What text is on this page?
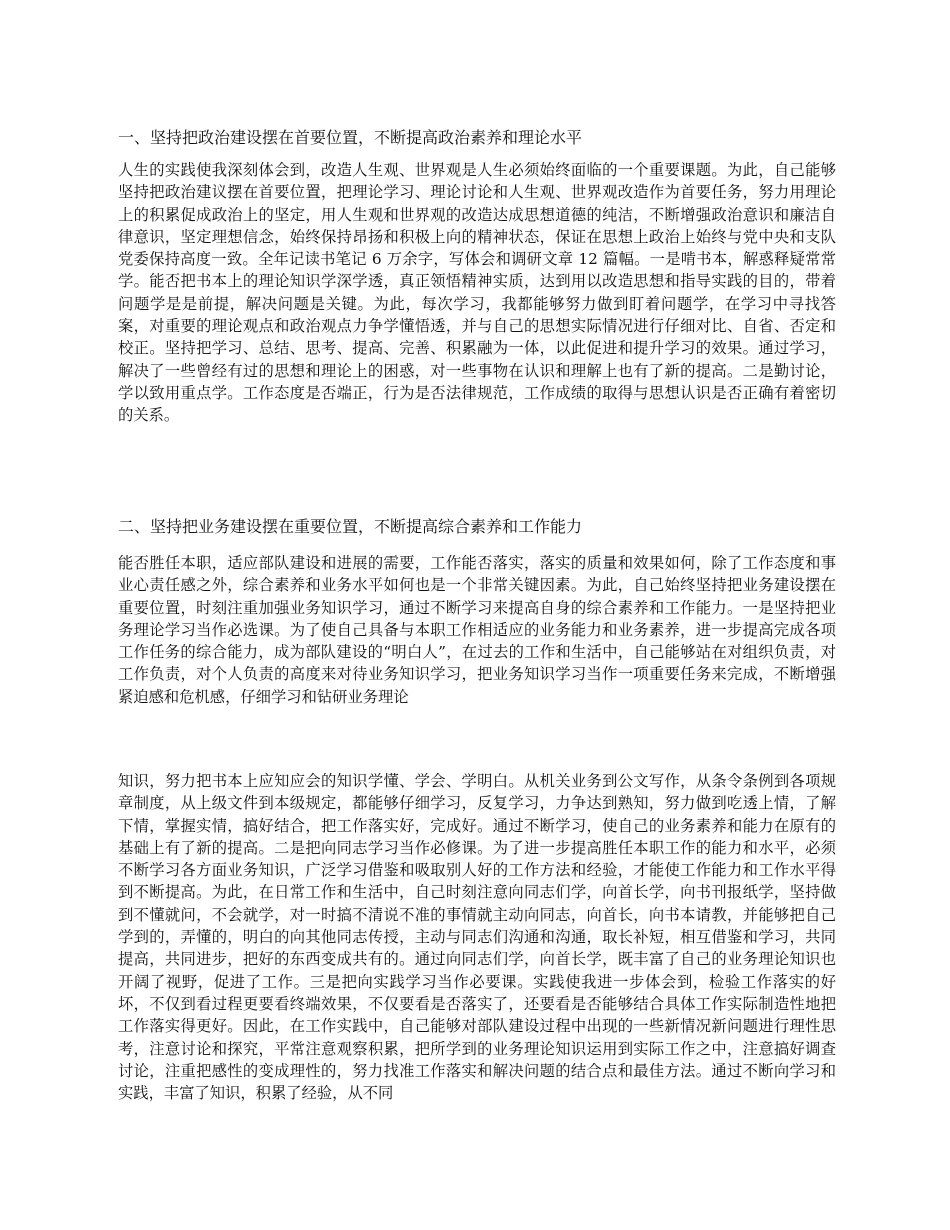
一、坚持把政治建设摆在首要位置，不断提高政治素养和理论水平

人生的实践使我深刻体会到，改造人生观、世界观是人生必须始终面临的一个重要课题。为此，自己能够坚持把政治建议摆在首要位置，把理论学习、理论讨论和人生观、世界观改造作为首要任务，努力用理论上的积累促成政治上的坚定，用人生观和世界观的改造达成思想道德的纯洁，不断增强政治意识和廉洁自律意识，坚定理想信念，始终保持昂扬和积极上向的精神状态，保证在思想上政治上始终与党中央和支队党委保持高度一致。全年记读书笔记 6 万余字，写体会和调研文章 12 篇幅。一是啃书本，解惑释疑常常学。能否把书本上的理论知识学深学透，真正领悟精神实质，达到用以改造思想和指导实践的目的，带着问题学是是前提，解决问题是关键。为此，每次学习，我都能够努力做到盯着问题学，在学习中寻找答案，对重要的理论观点和政治观点力争学懂悟透，并与自己的思想实际情况进行仔细对比、自省、否定和校正。坚持把学习、总结、思考、提高、完善、积累融为一体，以此促进和提升学习的效果。通过学习，解决了一些曾经有过的思想和理论上的困惑，对一些事物在认识和理解上也有了新的提高。二是勤讨论，学以致用重点学。工作态度是否端正，行为是否法律规范，工作成绩的取得与思想认识是否正确有着密切的关系。

二、坚持把业务建设摆在重要位置，不断提高综合素养和工作能力

能否胜任本职，适应部队建设和进展的需要，工作能否落实，落实的质量和效果如何，除了工作态度和事业心责任感之外，综合素养和业务水平如何也是一个非常关键因素。为此，自己始终坚持把业务建设摆在重要位置，时刻注重加强业务知识学习，通过不断学习来提高自身的综合素养和工作能力。一是坚持把业务理论学习当作必选课。为了使自己具备与本职工作相适应的业务能力和业务素养，进一步提高完成各项工作任务的综合能力，成为部队建设的“明白人”，在过去的工作和生活中，自己能够站在对组织负责，对工作负责，对个人负责的高度来对待业务知识学习，把业务知识学习当作一项重要任务来完成，不断增强紧迫感和危机感，仔细学习和钻研业务理论

知识，努力把书本上应知应会的知识学懂、学会、学明白。从机关业务到公文写作，从条令条例到各项规章制度，从上级文件到本级规定，都能够仔细学习，反复学习，力争达到熟知，努力做到吃透上情，了解下情，掌握实情，搞好结合，把工作落实好，完成好。通过不断学习，使自己的业务素养和能力在原有的基础上有了新的提高。二是把向同志学习当作必修课。为了进一步提高胜任本职工作的能力和水平，必须不断学习各方面业务知识，广泛学习借鉴和吸取别人好的工作方法和经验，才能使工作能力和工作水平得到不断提高。为此，在日常工作和生活中，自己时刻注意向同志们学，向首长学，向书刊报纸学，坚持做到不懂就问，不会就学，对一时搞不清说不准的事情就主动向同志，向首长，向书本请教，并能够把自己学到的，弄懂的，明白的向其他同志传授，主动与同志们沟通和沟通，取长补短，相互借鉴和学习，共同提高，共同进步，把好的东西变成共有的。通过向同志们学，向首长学，既丰富了自己的业务理论知识也开阔了视野，促进了工作。三是把向实践学习当作必要课。实践使我进一步体会到，检验工作落实的好坏，不仅到看过程更要看终端效果，不仅要看是否落实了，还要看是否能够结合具体工作实际制造性地把工作落实得更好。因此，在工作实践中，自己能够对部队建设过程中出现的一些新情况新问题进行理性思考，注意讨论和探究，平常注意观察积累，把所学到的业务理论知识运用到实际工作之中，注意搞好调查讨论，注重把感性的变成理性的，努力找准工作落实和解决问题的结合点和最佳方法。通过不断向学习和实践，丰富了知识，积累了经验，从不同
